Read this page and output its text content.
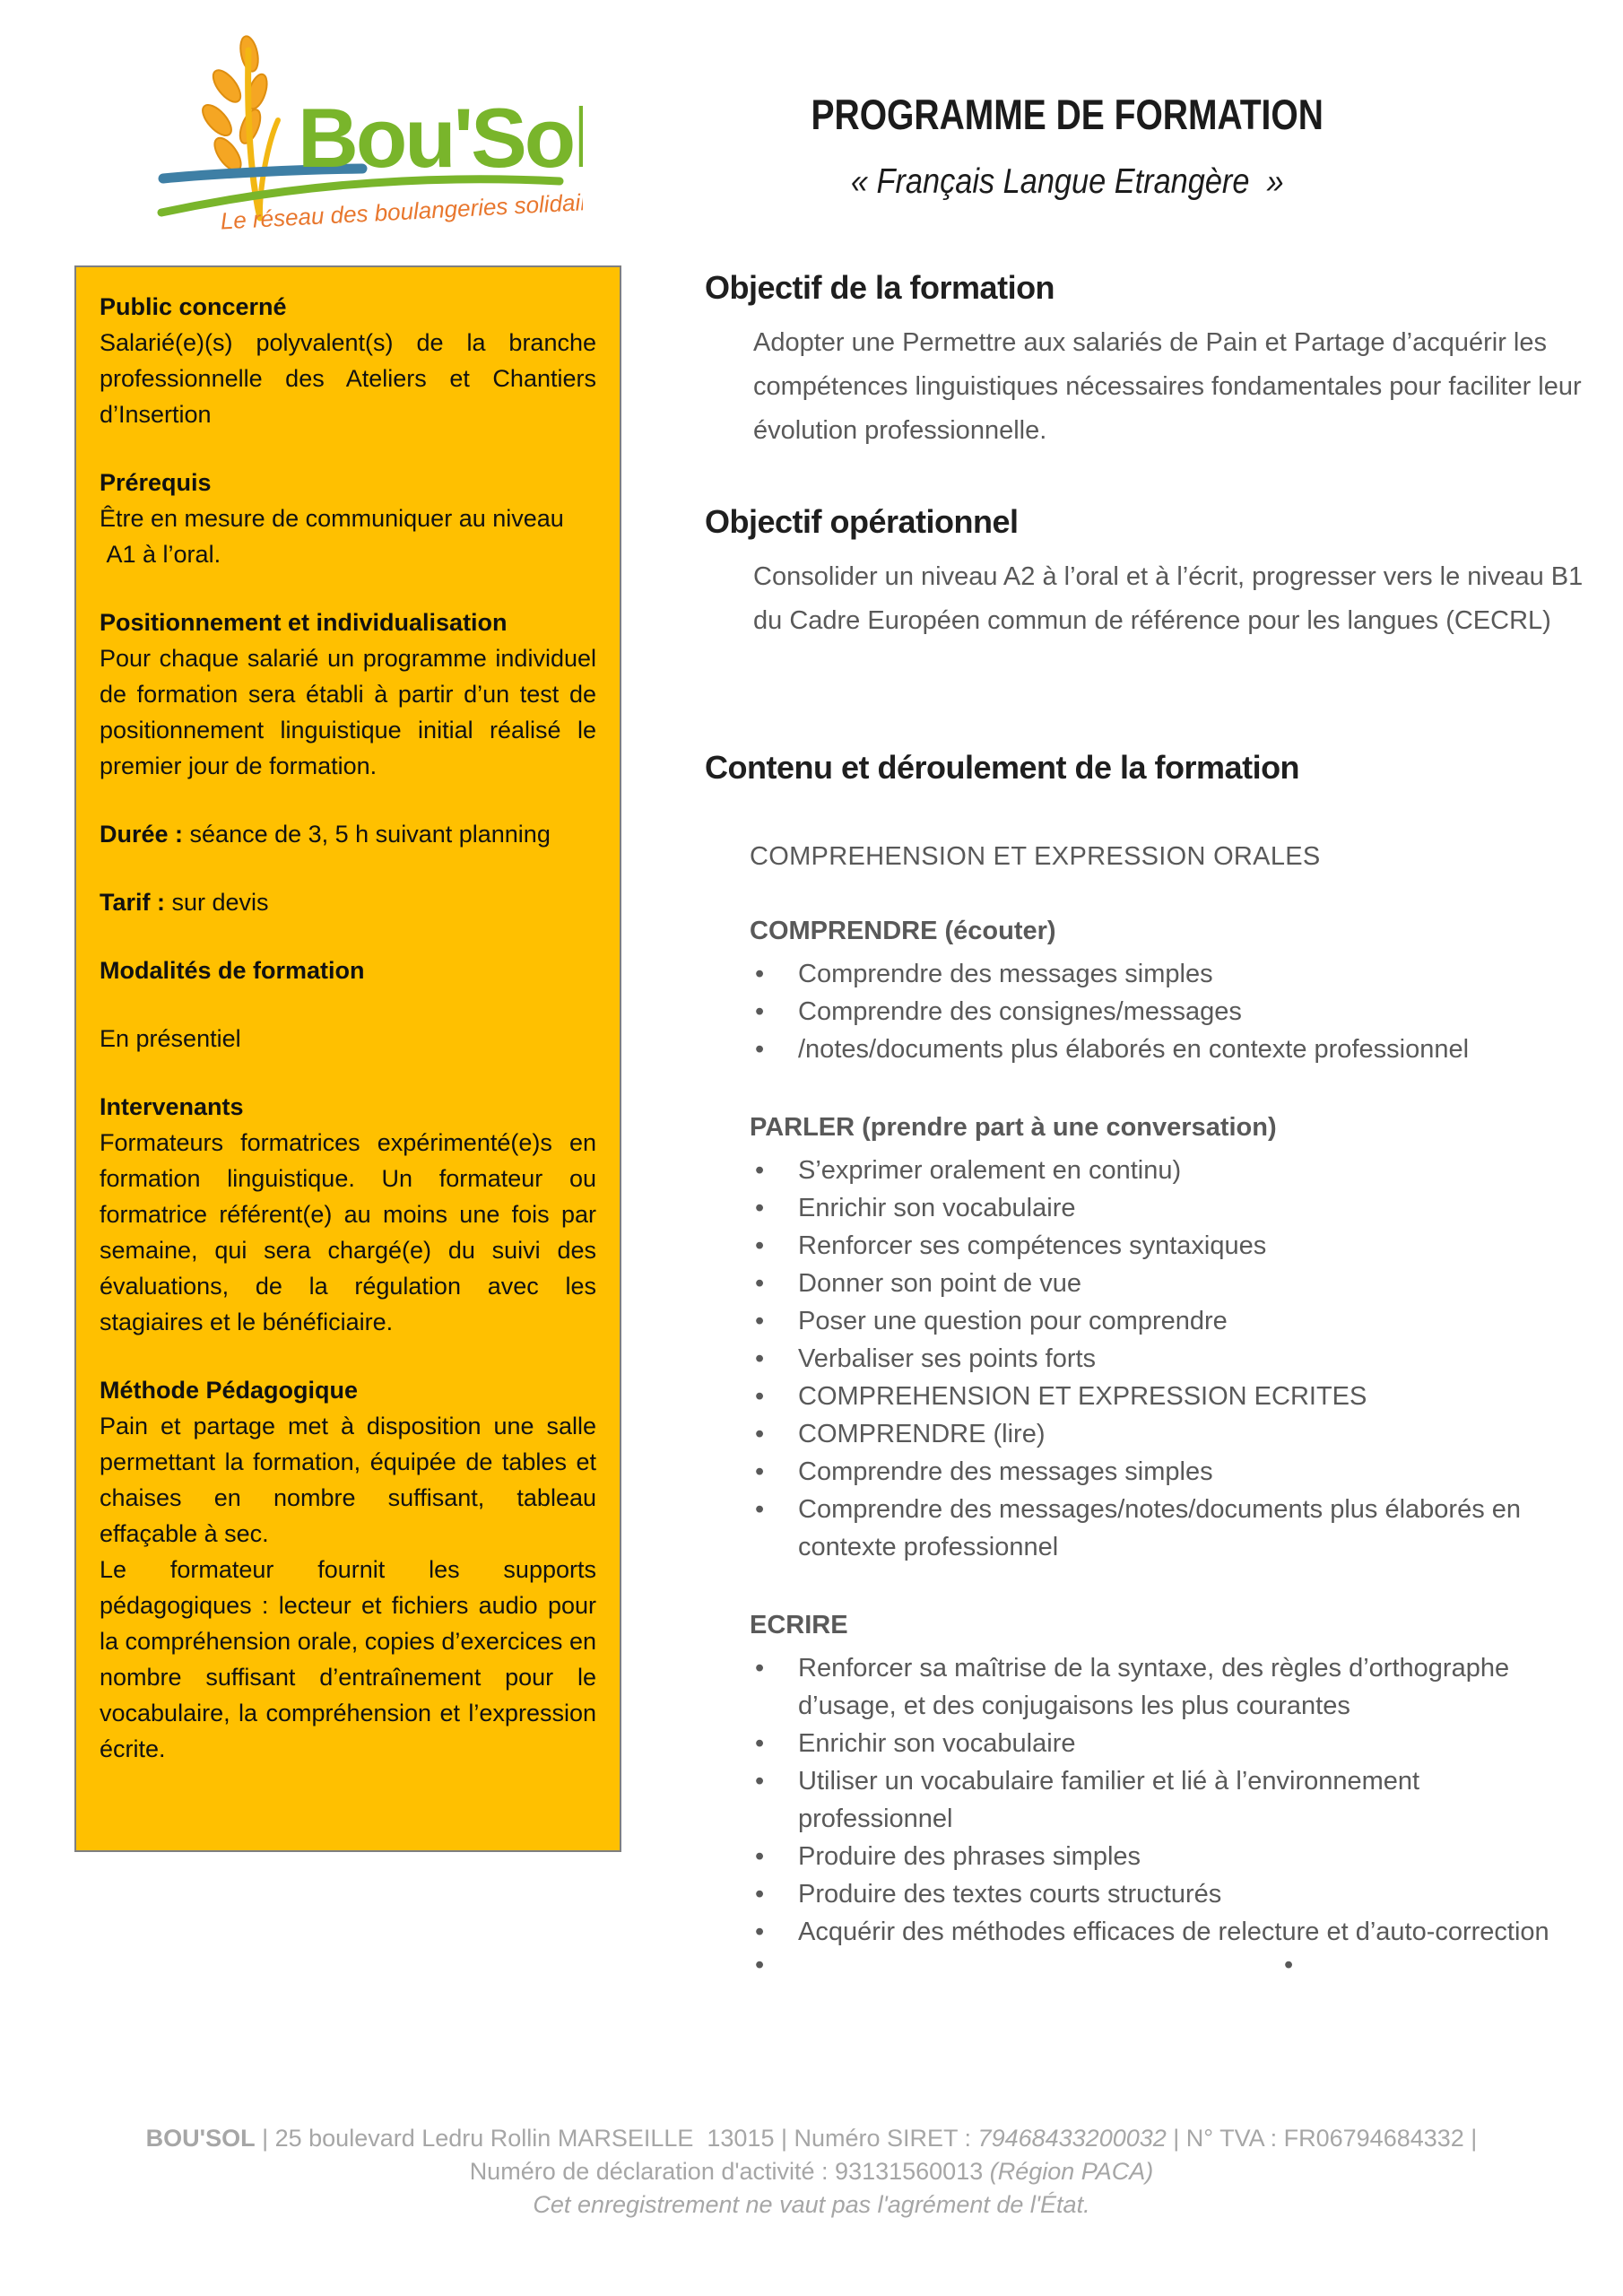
Bou'Sol
Le réseau des boulangeries solidaires
PROGRAMME DE FORMATION
« Français Langue Etrangère  »
Public concerné
Salarié(e)(s) polyvalent(s) de la branche professionnelle des Ateliers et Chantiers d’Insertion
Prérequis
Être en mesure de communiquer au niveau
A1 à l’oral.
Positionnement et individualisation
Pour chaque salarié un programme individuel de formation sera établi à partir d’un test de positionnement linguistique initial réalisé le premier jour de formation.
Durée : séance de 3, 5 h suivant planning
Tarif : sur devis
Modalités de formation
En présentiel
Intervenants
Formateurs formatrices expérimenté(e)s en formation linguistique. Un formateur ou formatrice référent(e) au moins une fois par semaine, qui sera chargé(e) du suivi des évaluations, de la régulation avec les stagiaires et le bénéficiaire.
Méthode Pédagogique
Pain et partage met à disposition une salle permettant la formation, équipée de tables et chaises en nombre suffisant, tableau effaçable à sec.
Le formateur fournit les supports pédagogiques : lecteur et fichiers audio pour la compréhension orale, copies d’exercices en nombre suffisant d’entraînement pour le vocabulaire, la compréhension et l’expression écrite.
Objectif de la formation
Adopter une Permettre aux salariés de Pain et Partage d’acquérir les compétences linguistiques nécessaires fondamentales pour faciliter leur évolution professionnelle.
Objectif opérationnel
Consolider un niveau A2 à l’oral et à l’écrit, progresser vers le niveau B1 du Cadre Européen commun de référence pour les langues (CECRL)
Contenu et déroulement de la formation
COMPREHENSION ET EXPRESSION ORALES
COMPRENDRE (écouter)
• Comprendre des messages simples
• Comprendre des consignes/messages
• /notes/documents plus élaborés en contexte professionnel
PARLER (prendre part à une conversation)
• S’exprimer oralement en continu)
• Enrichir son vocabulaire
• Renforcer ses compétences syntaxiques
• Donner son point de vue
• Poser une question pour comprendre
• Verbaliser ses points forts
• COMPREHENSION ET EXPRESSION ECRITES
• COMPRENDRE (lire)
• Comprendre des messages simples
• Comprendre des messages/notes/documents plus élaborés en contexte professionnel
ECRIRE
• Renforcer sa maîtrise de la syntaxe, des règles d’orthographe d’usage, et des conjugaisons les plus courantes
• Enrichir son vocabulaire
• Utiliser un vocabulaire familier et lié à l’environnement professionnel
• Produire des phrases simples
• Produire des textes courts structurés
• Acquérir des méthodes efficaces de relecture et d’auto-correction
•	•
BOU'SOL | 25 boulevard Ledru Rollin MARSEILLE  13015 | Numéro SIRET : 79468433200032 | N° TVA : FR06794684332 |
Numéro de déclaration d'activité : 93131560013 (Région PACA)
Cet enregistrement ne vaut pas l'agrément de l'État.
